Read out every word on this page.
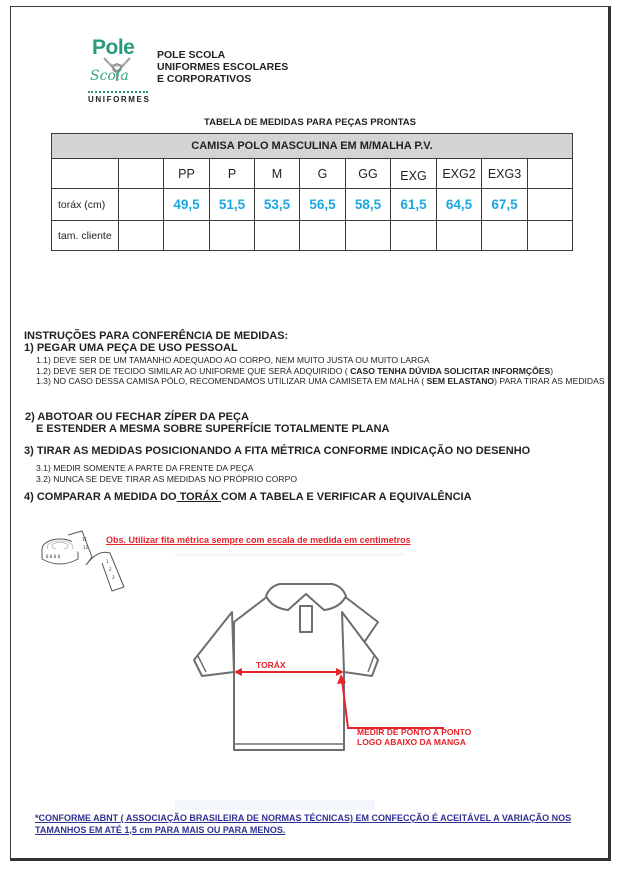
Pole
Scola
UNIFORMES
POLE SCOLA
UNIFORMES ESCOLARES
E CORPORATIVOS
TABELA DE MEDIDAS PARA PEÇAS PRONTAS
CAMISA POLO MASCULINA EM M/MALHA P.V.										
		PP	P	M	G	GG	EXG	EXG2	EXG3	
toráx (cm)		49,5	51,5	53,5	56,5	58,5	61,5	64,5	67,5	
tam. cliente										
INSTRUÇÕES PARA CONFERÊNCIA DE MEDIDAS:
1) PEGAR UMA PEÇA DE USO PESSOAL
1.1) DEVE SER DE UM TAMANHO ADEQUADO AO CORPO, NEM MUITO JUSTA OU MUITO LARGA
1.2) DEVE SER DE TECIDO SIMILAR AO UNIFORME QUE SERÁ ADQUIRIDO ( CASO TENHA DÚVIDA SOLICITAR INFORMÇÕES)
1.3) NO CASO DESSA CAMISA PÓLO, RECOMENDAMOS UTILIZAR UMA CAMISETA EM MALHA ( SEM ELASTANO) PARA TIRAR AS MEDIDAS
2) ABOTOAR OU FECHAR ZÍPER DA PEÇA
E ESTENDER A MESMA SOBRE SUPERFÍCIE TOTALMENTE PLANA
3) TIRAR AS MEDIDAS POSICIONANDO A FITA MÉTRICA CONFORME INDICAÇÃO NO DESENHO
3.1) MEDIR SOMENTE A PARTE DA FRENTE DA PEÇA
3.2) NUNCA SE DEVE TIRAR AS MEDIDAS NO PRÓPRIO CORPO
4) COMPARAR A MEDIDA DO TORÁX COM A TABELA E VERIFICAR A EQUIVALÊNCIA
8 8 8 8
11
12
1
2
3
Obs. Utilizar fita métrica sempre com escala de medida em centimetros
TORÁX
MEDIR DE PONTO A PONTO
LOGO ABAIXO DA MANGA
*CONFORME ABNT ( ASSOCIAÇÃO BRASILEIRA DE NORMAS TÉCNICAS) EM CONFECÇÃO É ACEITÁVEL A VARIAÇÃO NOS TAMANHOS EM ATÉ 1,5 cm PARA MAIS OU PARA MENOS.
